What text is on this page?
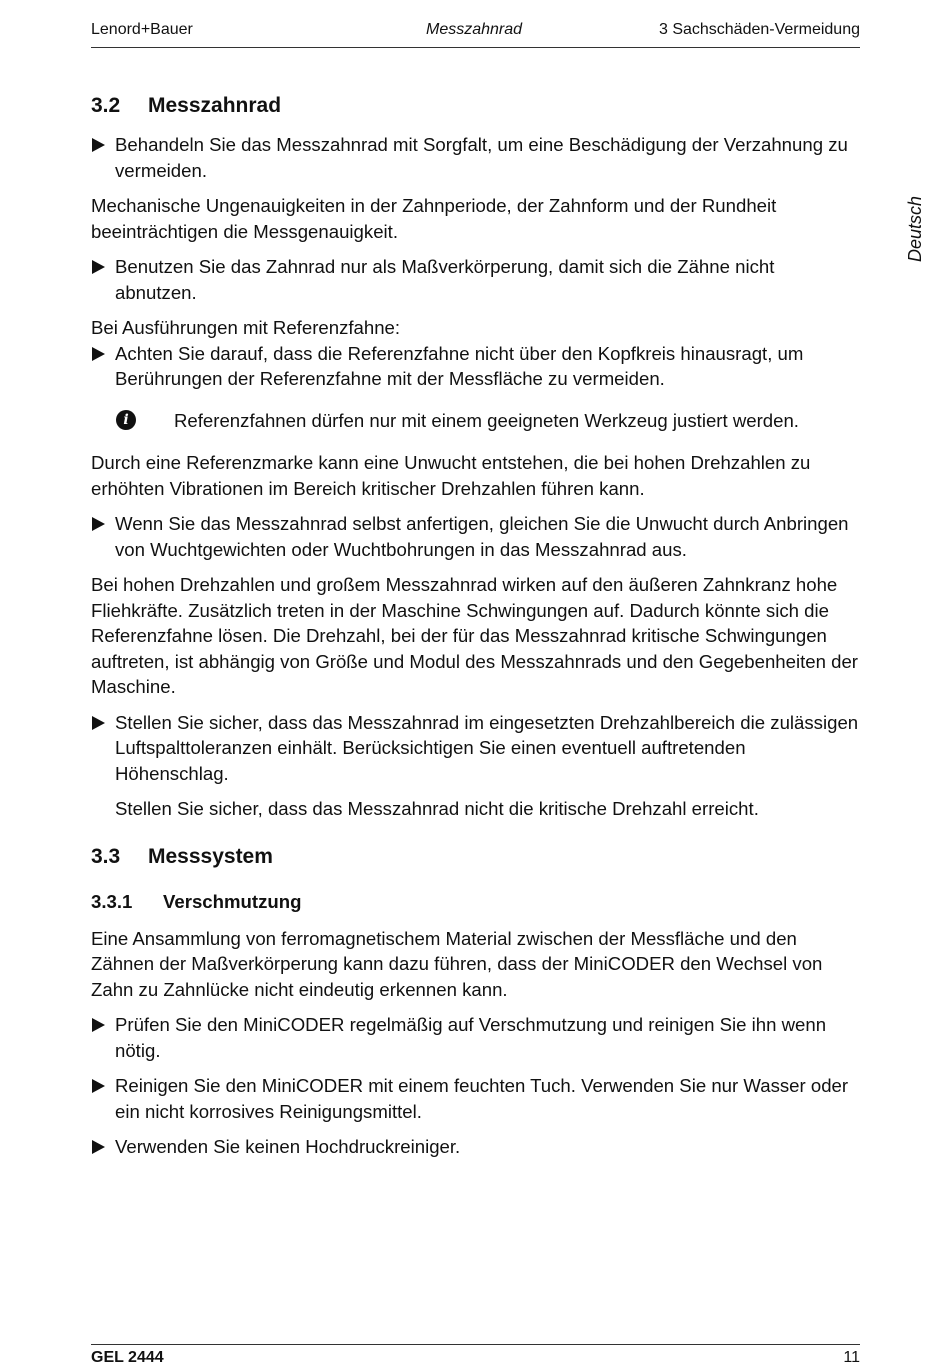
Lenord+Bauer	Messzahnrad	3 Sachschäden-Vermeidung
Deutsch
3.2	Messzahnrad

Behandeln Sie das Messzahnrad mit Sorgfalt, um eine Beschädigung der Verzahnung zu vermeiden.

Mechanische Ungenauigkeiten in der Zahnperiode, der Zahnform und der Rundheit beeinträchtigen die Messgenauigkeit.

Benutzen Sie das Zahnrad nur als Maßverkörperung, damit sich die Zähne nicht abnutzen.

Bei Ausführungen mit Referenzfahne:

Achten Sie darauf, dass die Referenzfahne nicht über den Kopfkreis hinausragt, um Berührungen der Referenzfahne mit der Messfläche zu vermeiden.

i	Referenzfahnen dürfen nur mit einem geeigneten Werkzeug justiert werden.

Durch eine Referenzmarke kann eine Unwucht entstehen, die bei hohen Drehzahlen zu erhöhten Vibrationen im Bereich kritischer Drehzahlen führen kann.

Wenn Sie das Messzahnrad selbst anfertigen, gleichen Sie die Unwucht durch Anbringen von Wuchtgewichten oder Wuchtbohrungen in das Messzahnrad aus.

Bei hohen Drehzahlen und großem Messzahnrad wirken auf den äußeren Zahnkranz hohe Fliehkräfte. Zusätzlich treten in der Maschine Schwingungen auf. Dadurch könnte sich die Referenzfahne lösen. Die Drehzahl, bei der für das Messzahnrad kritische Schwingungen auftreten, ist abhängig von Größe und Modul des Messzahnrads und den Gegebenheiten der Maschine.

Stellen Sie sicher, dass das Messzahnrad im eingesetzten Drehzahlbereich die zulässigen Luftspalttoleranzen einhält. Berücksichtigen Sie einen eventuell auftretenden Höhenschlag.

Stellen Sie sicher, dass das Messzahnrad nicht die kritische Drehzahl erreicht.

3.3	Messsystem
3.3.1	Verschmutzung

Eine Ansammlung von ferromagnetischem Material zwischen der Messfläche und den Zähnen der Maßverkörperung kann dazu führen, dass der MiniCODER den Wechsel von Zahn zu Zahnlücke nicht eindeutig erkennen kann.

Prüfen Sie den MiniCODER regelmäßig auf Verschmutzung und reinigen Sie ihn wenn nötig.

Reinigen Sie den MiniCODER mit einem feuchten Tuch. Verwenden Sie nur Wasser oder ein nicht korrosives Reinigungsmittel.

Verwenden Sie keinen Hochdruckreiniger.

GEL 2444	11
